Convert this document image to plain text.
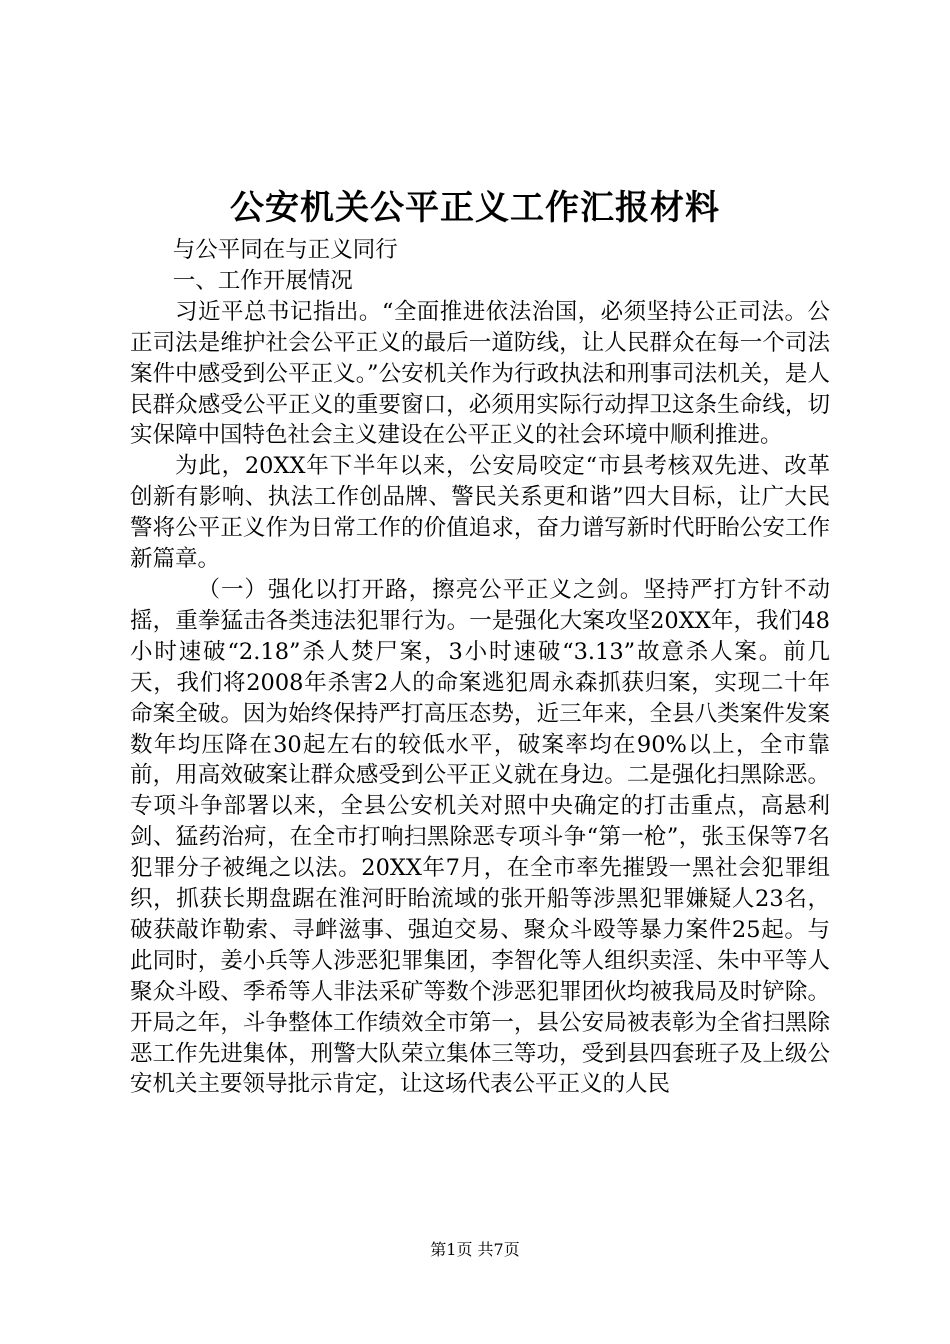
公安机关公平正义工作汇报材料

与公平同在与正义同行

一、工作开展情况

习近平总书记指出。“全面推进依法治国，必须坚持公正司法。公正司法是维护社会公平正义的最后一道防线，让人民群众在每一个司法案件中感受到公平正义。”公安机关作为行政执法和刑事司法机关，是人民群众感受公平正义的重要窗口，必须用实际行动捍卫这条生命线，切实保障中国特色社会主义建设在公平正义的社会环境中顺利推进。

为此，20XX年下半年以来，公安局咬定“市县考核双先进、改革创新有影响、执法工作创品牌、警民关系更和谐”四大目标，让广大民警将公平正义作为日常工作的价值追求，奋力谱写新时代盱眙公安工作新篇章。

（一）强化以打开路，擦亮公平正义之剑。坚持严打方针不动摇，重拳猛击各类违法犯罪行为。一是强化大案攻坚20XX年，我们48小时速破“2.18”杀人焚尸案，3小时速破“3.13”故意杀人案。前几天，我们将2008年杀害2人的命案逃犯周永森抓获归案，实现二十年命案全破。因为始终保持严打高压态势，近三年来，全县八类案件发案数年均压降在30起左右的较低水平，破案率均在90%以上，全市靠前，用高效破案让群众感受到公平正义就在身边。二是强化扫黑除恶。专项斗争部署以来，全县公安机关对照中央确定的打击重点，高悬利剑、猛药治疴，在全市打响扫黑除恶专项斗争“第一枪”，张玉保等7名犯罪分子被绳之以法。20XX年7月，在全市率先摧毁一黑社会犯罪组织，抓获长期盘踞在淮河盱眙流域的张开船等涉黑犯罪嫌疑人23名，破获敲诈勒索、寻衅滋事、强迫交易、聚众斗殴等暴力案件25起。与此同时，姜小兵等人涉恶犯罪集团，李智化等人组织卖淫、朱中平等人聚众斗殴、季希等人非法采矿等数个涉恶犯罪团伙均被我局及时铲除。开局之年，斗争整体工作绩效全市第一，县公安局被表彰为全省扫黑除恶工作先进集体，刑警大队荣立集体三等功，受到县四套班子及上级公安机关主要领导批示肯定，让这场代表公平正义的人民

第1页 共7页
